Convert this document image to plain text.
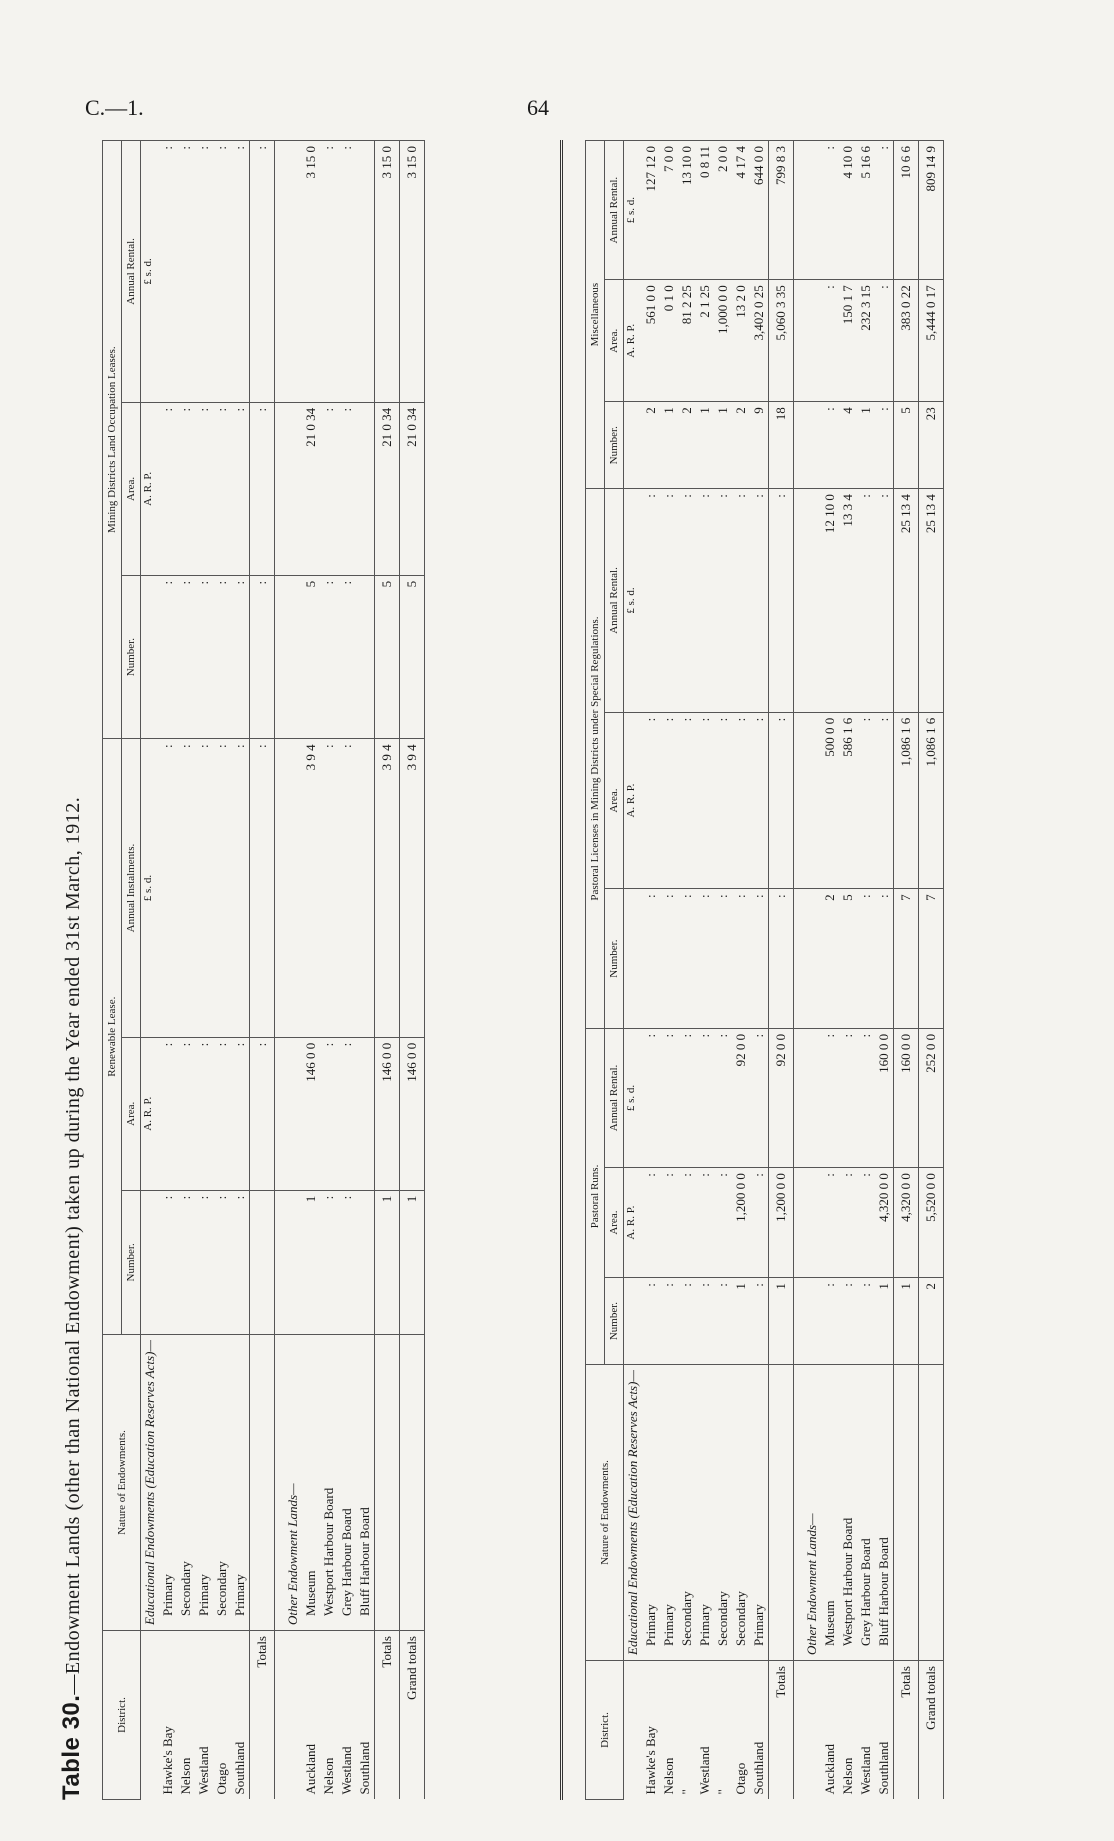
C.—1.	64
Table 30.—Endowment Lands (other than National Endowment) taken up during the Year ended 31st March, 1912.
District.	Nature of Endowments.	Renewable Lease.			Mining Districts Land Occupation Leases.		
		Number.	Area.	Annual Instalments.	Number.	Area.	Annual Rental.
	Educational Endowments (Education Reserves Acts)—		A. R. P.	£ s. d.		A. R. P.	£ s. d.
Hawke's Bay	Primary	:	:	:	:	:	:
Nelson	Secondary	:	:	:	:	:	:
Westland	Primary	:	:	:	:	:	:
Otago	Secondary	:	:	:	:	:	:
Southland	Primary	:	:	:	:	:	:
Totals			:	:	:	:	:
	Other Endowment Lands—						
Auckland	Museum	1	146 0 0	3 9 4	5	21 0 34	3 15 0
Nelson	Westport Harbour Board	:	:	:	:	:	:
Westland	Grey Harbour Board	:	:	:	:	:	:
Southland	Bluff Harbour Board						
Totals		1	146 0 0	3 9 4	5	21 0 34	3 15 0
Grand totals		1	146 0 0	3 9 4	5	21 0 34	3 15 0
District.	Nature of Endowments.	Pastoral Runs.			Pastoral Licenses in Mining Districts under Special Regulations.			Miscellaneous		
		Number.	Area.	Annual Rental.	Number.	Area.	Annual Rental.	Number.	Area.	Annual Rental.
	Educational Endowments (Education Reserves Acts)—		A. R. P.	£ s. d.		A. R. P.	£ s. d.		A. R. P.	£ s. d.
Hawke's Bay	Primary	:	:	:	:	:	:	2	561 0 0	127 12 0
Nelson	Primary	:	:	:	:	:	:	1	0 1 0	7 0 0
"	Secondary	:	:	:	:	:	:	2	81 2 25	13 10 0
Westland	Primary	:	:	:	:	:	:	1	2 1 25	0 8 11
"	Secondary	:	:	:	:	:	:	1	1,000 0 0	2 0 0
Otago	Secondary	1	1,200 0 0	92 0 0	:	:	:	2	13 2 0	4 17 4
Southland	Primary	:	:	:	:	:	:	9	3,402 0 25	644 0 0
Totals		1	1,200 0 0	92 0 0	:	:	:	18	5,060 3 35	799 8 3
	Other Endowment Lands—									
Auckland	Museum	:	:	:	2	500 0 0	12 10 0	:	:	:
Nelson	Westport Harbour Board	:	:	:	5	586 1 6	13 3 4	4	150 1 7	4 10 0
Westland	Grey Harbour Board	:	:	:	:	:	:	1	232 3 15	5 16 6
Southland	Bluff Harbour Board	1	4,320 0 0	160 0 0	:	:	:	:	:	:
Totals		1	4,320 0 0	160 0 0	7	1,086 1 6	25 13 4	5	383 0 22	10 6 6
Grand totals		2	5,520 0 0	252 0 0	7	1,086 1 6	25 13 4	23	5,444 0 17	809 14 9
